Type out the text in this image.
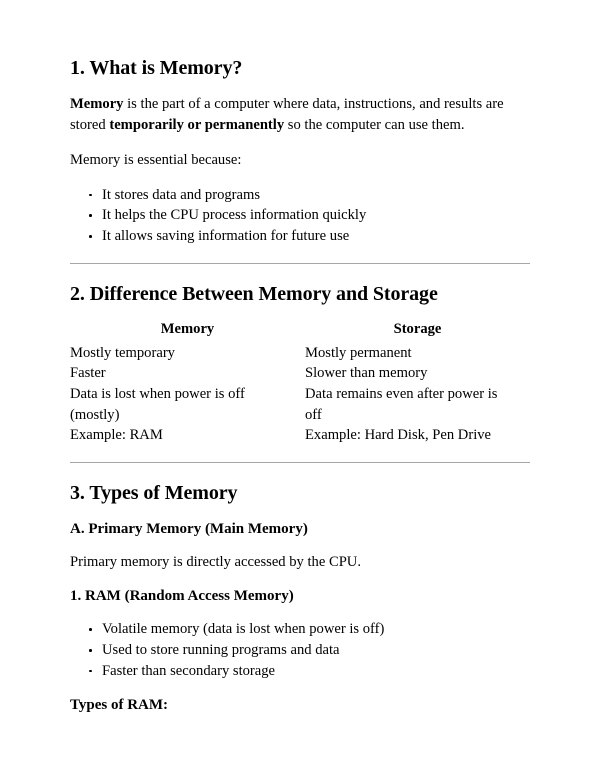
1. What is Memory?

Memory is the part of a computer where data, instructions, and results are stored temporarily or permanently so the computer can use them.

Memory is essential because:

It stores data and programs
It helps the CPU process information quickly
It allows saving information for future use
2. Difference Between Memory and Storage
Memory	Storage
Mostly temporary	Mostly permanent
Faster	Slower than memory
Data is lost when power is off (mostly)	Data remains even after power is off
Example: RAM	Example: Hard Disk, Pen Drive
3. Types of Memory
A. Primary Memory (Main Memory)

Primary memory is directly accessed by the CPU.

1. RAM (Random Access Memory)
Volatile memory (data is lost when power is off)
Used to store running programs and data
Faster than secondary storage
Types of RAM:
